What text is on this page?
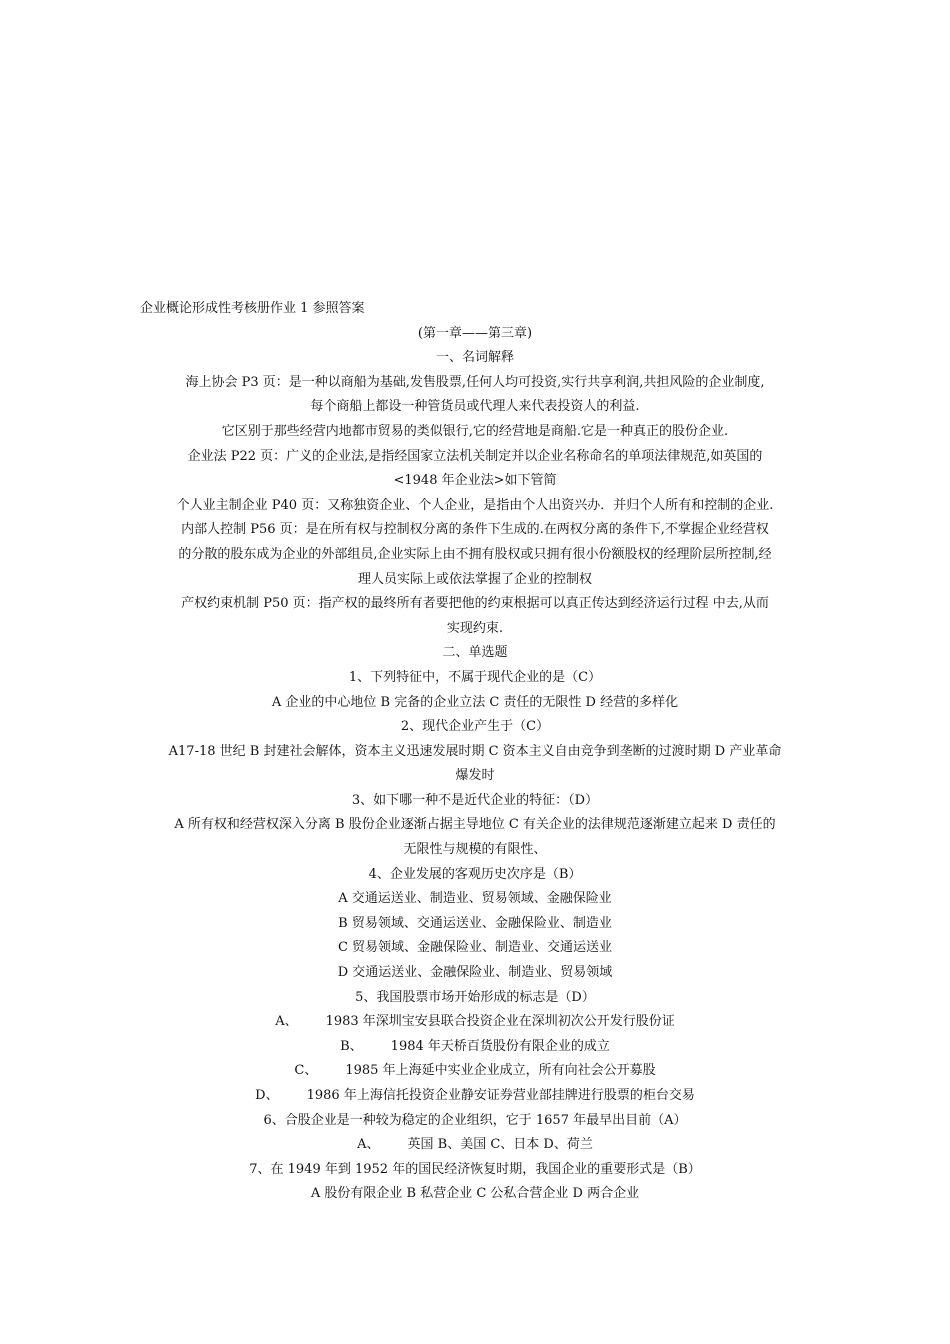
企业概论形成性考核册作业 1 参照答案
(第一章——第三章)
一、名词解释
海上协会 P3 页：是一种以商船为基础,发售股票,任何人均可投资,实行共享利润,共担风险的企业制度,
每个商船上都设一种管货员或代理人来代表投资人的利益.
它区别于那些经营内地都市贸易的类似银行,它的经营地是商船.它是一种真正的股份企业.
企业法 P22 页：广义的企业法,是指经国家立法机关制定并以企业名称命名的单项法律规范,如英国的
<1948 年企业法>如下管简
个人业主制企业 P40 页：又称独资企业、个人企业，是指由个人出资兴办．并归个人所有和控制的企业.
内部人控制 P56 页：是在所有权与控制权分离的条件下生成的.在两权分离的条件下,不掌握企业经营权
的分散的股东成为企业的外部组员,企业实际上由不拥有股权或只拥有很小份额股权的经理阶层所控制,经
理人员实际上或依法掌握了企业的控制权
产权约束机制 P50 页：指产权的最终所有者要把他的约束根据可以真正传达到经济运行过程 中去,从而
实现约束.
二、单选题
1、下列特征中，不属于现代企业的是（C）
A 企业的中心地位 B 完备的企业立法 C 责任的无限性 D 经营的多样化
2、现代企业产生于（C）
A17-18 世纪 B 封建社会解体，资本主义迅速发展时期 C 资本主义自由竞争到垄断的过渡时期 D 产业革命
爆发时
3、如下哪一种不是近代企业的特征：（D）
A 所有权和经营权深入分离 B 股份企业逐渐占据主导地位 C 有关企业的法律规范逐渐建立起来 D 责任的
无限性与规模的有限性、
4、企业发展的客观历史次序是（B）
A 交通运送业、制造业、贸易领域、金融保险业
B 贸易领域、交通运送业、金融保险业、制造业
C 贸易领域、金融保险业、制造业、交通运送业
D 交通运送业、金融保险业、制造业、贸易领域
5、我国股票市场开始形成的标志是（D）
A、 1983 年深圳宝安县联合投资企业在深圳初次公开发行股份证
B、 1984 年天桥百货股份有限企业的成立
C、 1985 年上海延中实业企业成立，所有向社会公开募股
D、 1986 年上海信托投资企业静安证券营业部挂牌进行股票的柜台交易
6、合股企业是一种较为稳定的企业组织，它于 1657 年最早出目前（A）
A、 英国 B、美国 C、日本 D、荷兰
7、在 1949 年到 1952 年的国民经济恢复时期，我国企业的重要形式是（B）
A 股份有限企业 B 私营企业 C 公私合营企业 D 两合企业
